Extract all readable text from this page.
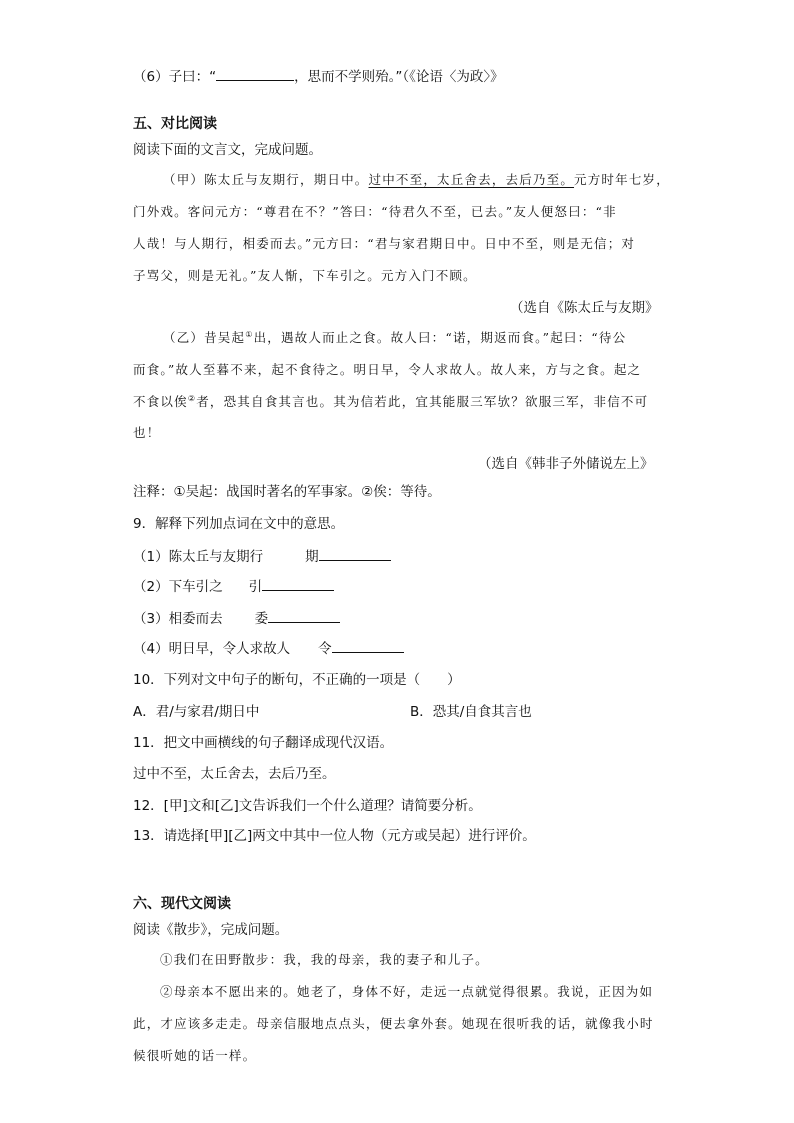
（6）子曰：“	，思而不学则殆。”（《论语〈为政〉》
五、对比阅读
阅读下面的文言文，完成问题。
（甲）陈太丘与友期行，期日中。过中不至，太丘舍去，去后乃至。元方时年七岁，
门外戏。客问元方：“尊君在不？”答曰：“待君久不至，已去。”友人便怒曰：“非
人哉！与人期行，相委而去。”元方曰：“君与家君期日中。日中不至，则是无信；对
子骂父，则是无礼。”友人惭，下车引之。元方入门不顾。
（选自《陈太丘与友期》
（乙）昔吴起①出，遇故人而止之食。故人曰：“诺，期返而食。”起曰：“待公
而食。”故人至暮不来，起不食待之。明日早，令人求故人。故人来，方与之食。起之
不食以俟②者，恐其自食其言也。其为信若此，宜其能服三军欤？欲服三军，非信不可
也！
（选自《韩非子外储说左上》
注释：①吴起：战国时著名的军事家。②俟：等待。
9．解释下列加点词在文中的意思。
（1）陈太丘与友期行	期
（2）下车引之 引
（3）相委而去 委
（4）明日早，令人求故人 令
10．下列对文中句子的断句，不正确的一项是（　　）
A．君/与家君/期日中	B．恐其/自食其言也
11．把文中画横线的句子翻译成现代汉语。
过中不至，太丘舍去，去后乃至。
12．[甲]文和[乙]文告诉我们一个什么道理？请简要分析。
13．请选择[甲][乙]两文中其中一位人物（元方或吴起）进行评价。
六、现代文阅读
阅读《散步》，完成问题。
①我们在田野散步：我，我的母亲，我的妻子和儿子。
②母亲本不愿出来的。她老了，身体不好，走远一点就觉得很累。我说，正因为如
此，才应该多走走。母亲信服地点点头，便去拿外套。她现在很听我的话，就像我小时
候很听她的话一样。
